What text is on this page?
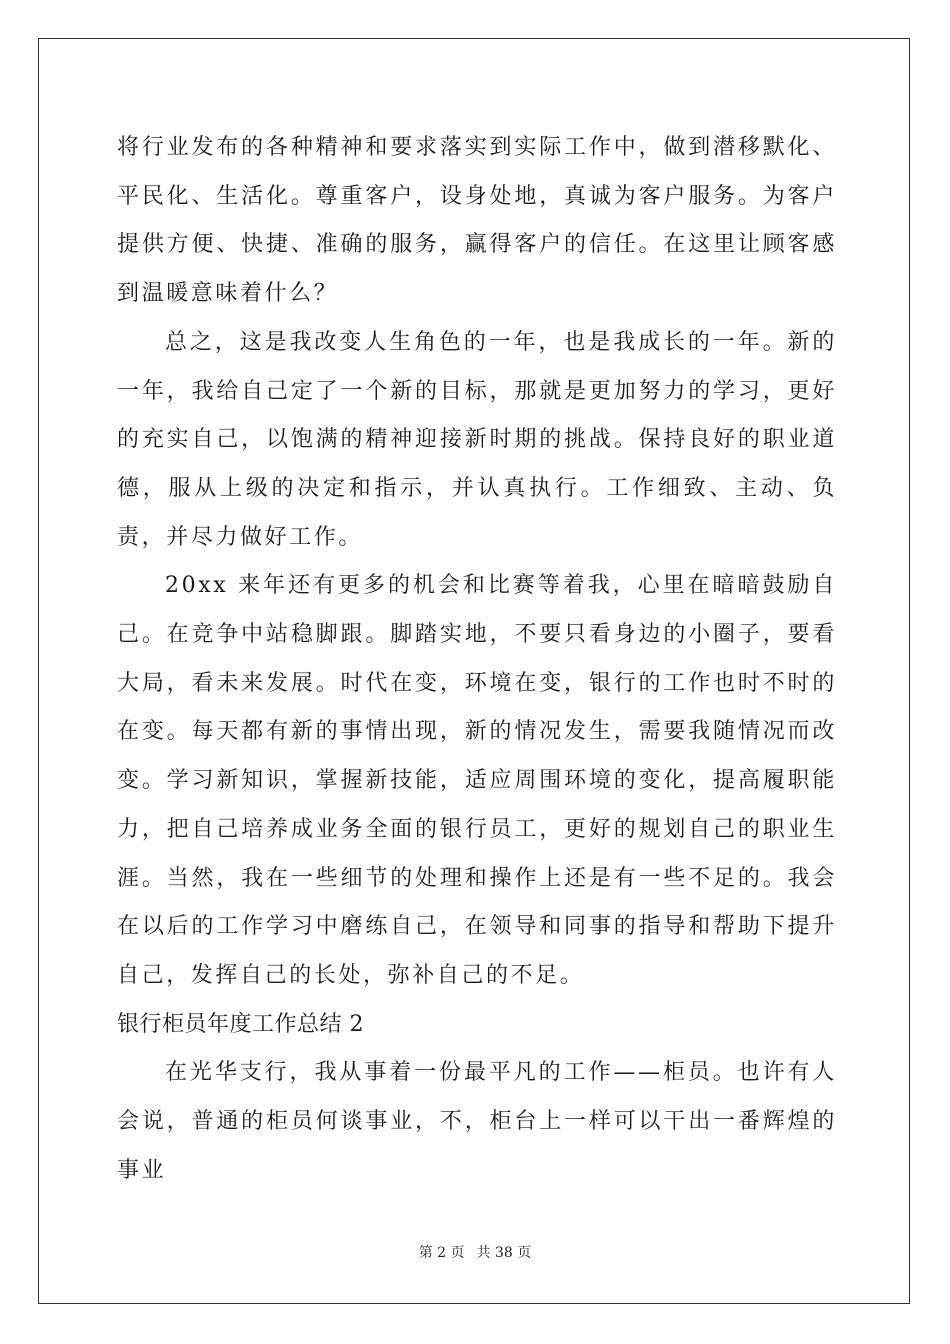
将行业发布的各种精神和要求落实到实际工作中，做到潜移默化、平民化、生活化。尊重客户，设身处地，真诚为客户服务。为客户提供方便、快捷、准确的服务，赢得客户的信任。在这里让顾客感到温暖意味着什么？

总之，这是我改变人生角色的一年，也是我成长的一年。新的一年，我给自己定了一个新的目标，那就是更加努力的学习，更好的充实自己，以饱满的精神迎接新时期的挑战。保持良好的职业道德，服从上级的决定和指示，并认真执行。工作细致、主动、负责，并尽力做好工作。

20xx 来年还有更多的机会和比赛等着我，心里在暗暗鼓励自己。在竞争中站稳脚跟。脚踏实地，不要只看身边的小圈子，要看大局，看未来发展。时代在变，环境在变，银行的工作也时不时的在变。每天都有新的事情出现，新的情况发生，需要我随情况而改变。学习新知识，掌握新技能，适应周围环境的变化，提高履职能力，把自己培养成业务全面的银行员工，更好的规划自己的职业生涯。当然，我在一些细节的处理和操作上还是有一些不足的。我会在以后的工作学习中磨练自己，在领导和同事的指导和帮助下提升自己，发挥自己的长处，弥补自己的不足。

银行柜员年度工作总结 2

在光华支行，我从事着一份最平凡的工作——柜员。也许有人会说，普通的柜员何谈事业，不，柜台上一样可以干出一番辉煌的事业

第 2 页 共 38 页
